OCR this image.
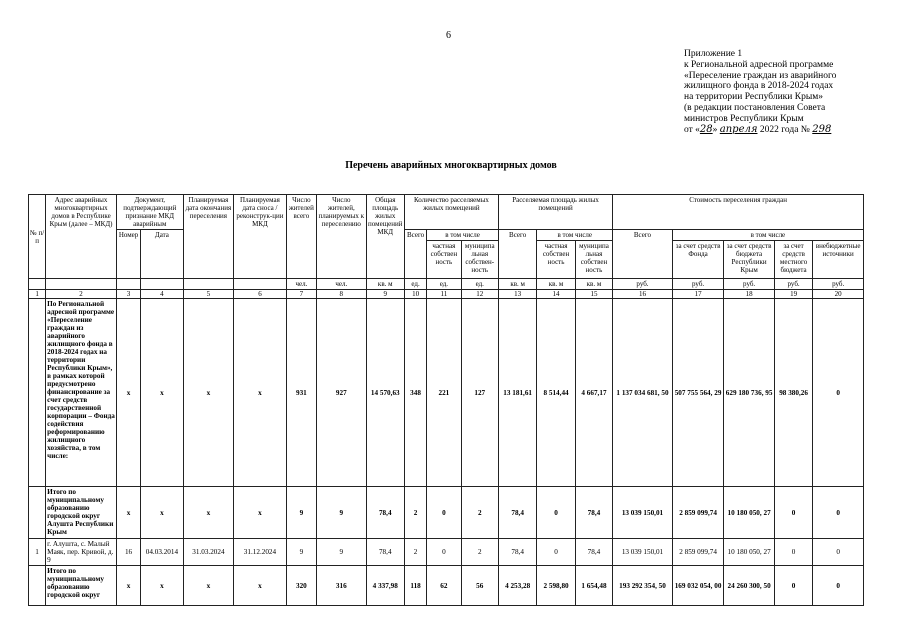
6
Приложение 1
к Региональной адресной программе
«Переселение граждан из аварийного
жилищного фонда в 2018-2024 годах
на территории Республики Крым»
(в редакции постановления Совета
министров Республики Крым
от «28» апреля 2022 года № 298
Перечень аварийных многоквартирных домов
№ п/п	Адрес аварийных многоквартирных домов в Республике Крым (далее – МКД)	Документ, подтверждающий признание МКД аварийным		Планируемая дата окончания переселения	Планируемая дата сноса /реконструк-ции МКД	Число жителей всего	Число жителей, планируемых к переселению	Общая площадь жилых помещений МКД	Количество расселяемых жилых помещений			Расселяемая площадь жилых помещений			Стоимость переселения граждан				
		Номер	Дата						Всего	в том числе		Всего	в том числе		Всего	в том числе			
										частная собствен ность	муниципа льная собствен-ность		частная собствен ность	муниципа льная собствен ность		за счет средств Фонда	за счет средств бюджета Республики Крым	за счет средств местного бюджета	внебюджетные источники

						чел.	чел.	кв. м	ед.	ед.	ед.	кв. м	кв. м	кв. м	руб.	руб.	руб.	руб.	руб.
1	2	3	4	5	6	7	8	9	10	11	12	13	14	15	16	17	18	19	20
	По Региональной адресной программе «Переселение граждан из аварийного жилищного фонда в 2018-2024 годах на территории Республики Крым», в рамках которой предусмотрено финансирование за счет средств государственной корпорации – Фонда содействия реформированию жилищного хозяйства, в том числе:	х	х	х	х	931	927	14 570,63	348	221	127	13 181,61	8 514,44	4 667,17	1 137 034 681, 50	507 755 564, 29	629 180 736, 95	98 380,26	0
	Итого по муниципальному образованию городской округ Алушта Республики Крым	х	х	х	х	9	9	78,4	2	0	2	78,4	0	78,4	13 039 150,01	2 859 099,74	10 180 050, 27	0	0
1	г. Алушта, с. Малый Маяк, пер. Кривой, д. 9	16	04.03.2014	31.03.2024	31.12.2024	9	9	78,4	2	0	2	78,4	0	78,4	13 039 150,01	2 859 099,74	10 180 050, 27	0	0
	Итого по муниципальному образованию городской округ	х	х	х	х	320	316	4 337,98	118	62	56	4 253,28	2 598,80	1 654,48	193 292 354, 50	169 032 054, 00	24 260 300, 50	0	0
